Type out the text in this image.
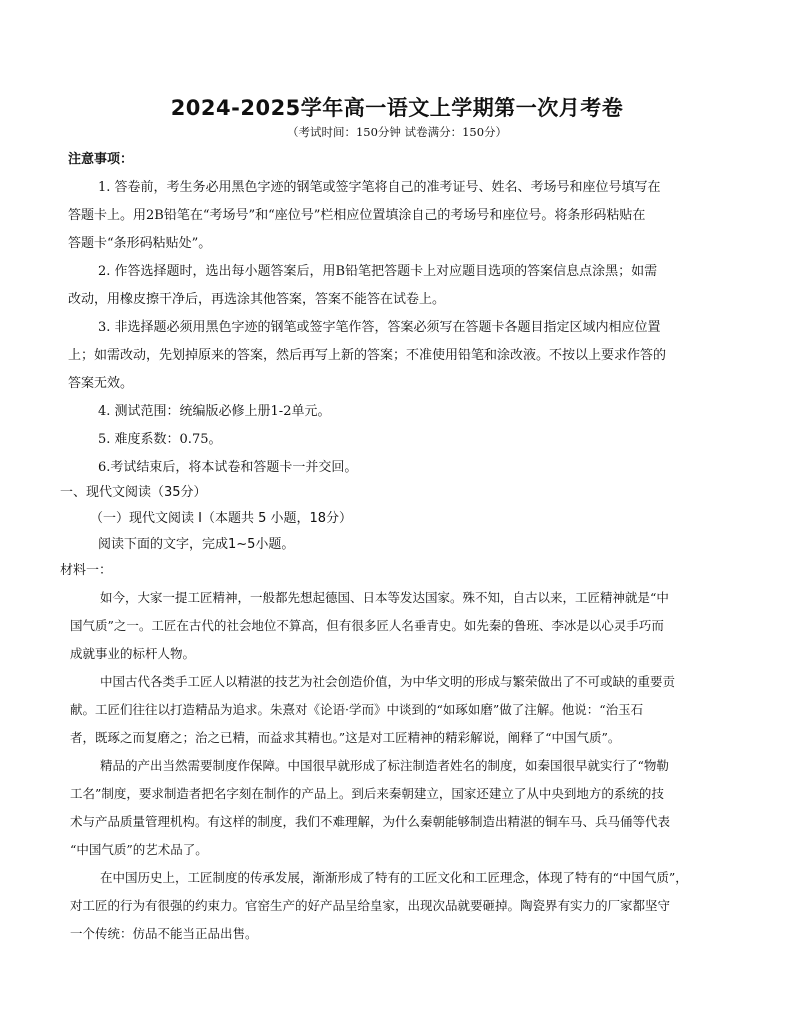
2024-2025学年高一语文上学期第一次月考卷
（考试时间：150分钟 试卷满分：150分）
注意事项：
1. 答卷前，考生务必用黑色字迹的钢笔或签字笔将自己的准考证号、姓名、考场号和座位号填写在
答题卡上。用2B铅笔在“考场号”和“座位号”栏相应位置填涂自己的考场号和座位号。将条形码粘贴在
答题卡“条形码粘贴处”。
2. 作答选择题时，选出每小题答案后，用B铅笔把答题卡上对应题目选项的答案信息点涂黑；如需
改动，用橡皮擦干净后，再选涂其他答案，答案不能答在试卷上。
3. 非选择题必须用黑色字迹的钢笔或签字笔作答，答案必须写在答题卡各题目指定区域内相应位置
上；如需改动，先划掉原来的答案，然后再写上新的答案；不准使用铅笔和涂改液。不按以上要求作答的
答案无效。
4. 测试范围：统编版必修上册1-2单元。
5. 难度系数：0.75。
6.考试结束后，将本试卷和答题卡一并交回。
一、现代文阅读（35分）
（一）现代文阅读 I（本题共 5 小题，18分）
阅读下面的文字，完成1~5小题。
材料一：
如今，大家一提工匠精神，一般都先想起德国、日本等发达国家。殊不知，自古以来，工匠精神就是“中
国气质”之一。工匠在古代的社会地位不算高，但有很多匠人名垂青史。如先秦的鲁班、李冰是以心灵手巧而
成就事业的标杆人物。
中国古代各类手工匠人以精湛的技艺为社会创造价值，为中华文明的形成与繁荣做出了不可或缺的重要贡
献。工匠们往往以打造精品为追求。朱熹对《论语·学而》中谈到的“如琢如磨”做了注解。他说：“治玉石
者，既琢之而复磨之；治之已精，而益求其精也。”这是对工匠精神的精彩解说，阐释了“中国气质”。
精品的产出当然需要制度作保障。中国很早就形成了标注制造者姓名的制度，如秦国很早就实行了“物勒
工名”制度，要求制造者把名字刻在制作的产品上。到后来秦朝建立，国家还建立了从中央到地方的系统的技
术与产品质量管理机构。有这样的制度，我们不难理解，为什么秦朝能够制造出精湛的铜车马、兵马俑等代表
“中国气质”的艺术品了。
在中国历史上，工匠制度的传承发展，渐渐形成了特有的工匠文化和工匠理念，体现了特有的“中国气质”，
对工匠的行为有很强的约束力。官窑生产的好产品呈给皇家，出现次品就要砸掉。陶瓷界有实力的厂家都坚守
一个传统：仿品不能当正品出售。
